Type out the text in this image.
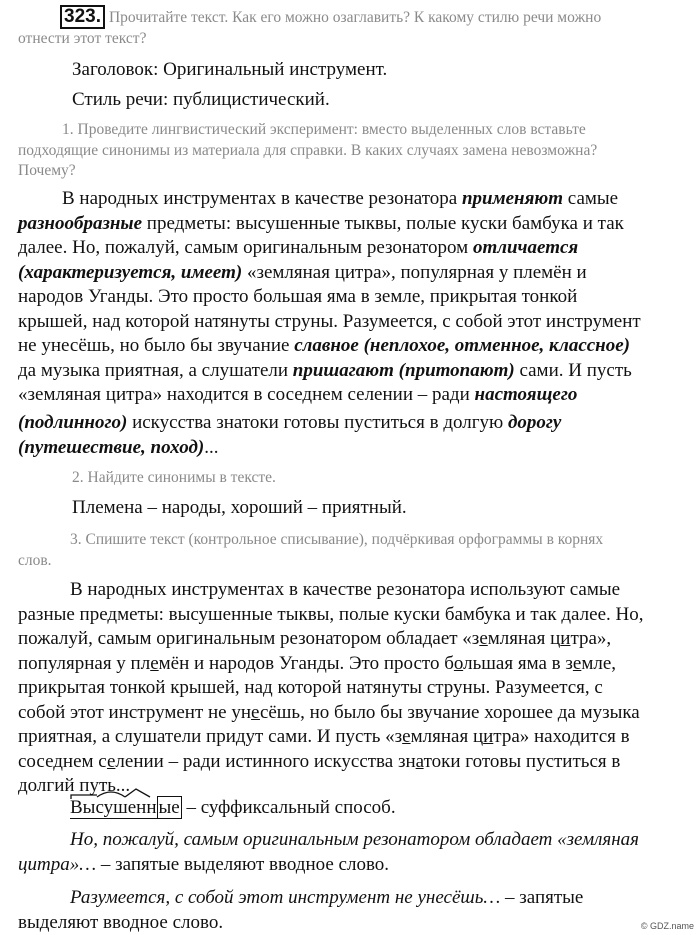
323. Прочитайте текст. Как его можно озаглавить? К какому стилю речи можно
отнести этот текст?
Заголовок: Оригинальный инструмент.
Стиль речи: публицистический.
1. Проведите лингвистический эксперимент: вместо выделенных слов вставьте
подходящие синонимы из материала для справки. В каких случаях замена невозможна?
Почему?
В народных инструментах в качестве резонатора применяют самые
разнообразные предметы: высушенные тыквы, полые куски бамбука и так
далее. Но, пожалуй, самым оригинальным резонатором отличается
(характеризуется, имеет) «земляная цитра», популярная у племён и
народов Уганды. Это просто большая яма в земле, прикрытая тонкой
крышей, над которой натянуты струны. Разумеется, с собой этот инструмент
не унесёшь, но было бы звучание славное (неплохое, отменное, классное)
да музыка приятная, а слушатели пришагают (притопают) сами. И пусть
«земляная цитра» находится в соседнем селении – ради настоящего
(подлинного) искусства знатоки готовы пуститься в долгую дорогу
(путешествие, поход)...
2. Найдите синонимы в тексте.
Племена – народы, хороший – приятный.
3. Спишите текст (контрольное списывание), подчёркивая орфограммы в корнях
слов.
В народных инструментах в качестве резонатора используют самые
разные предметы: высушенные тыквы, полые куски бамбука и так далее. Но,
пожалуй, самым оригинальным резонатором обладает «земляная цитра»,
популярная у племён и народов Уганды. Это просто большая яма в земле,
прикрытая тонкой крышей, над которой натянуты струны. Разумеется, с
собой этот инструмент не унесёшь, но было бы звучание хорошее да музыка
приятная, а слушатели придут сами. И пусть «земляная цитра» находится в
соседнем селении – ради истинного искусства знатоки готовы пуститься в
долгий путь...
Высушенн ые – суффиксальный способ.
Но, пожалуй, самым оригинальным резонатором обладает «земляная
цитра»… – запятые выделяют вводное слово.
Разумеется, с собой этот инструмент не унесёшь… – запятые
выделяют вводное слово.	© GDZ.name
